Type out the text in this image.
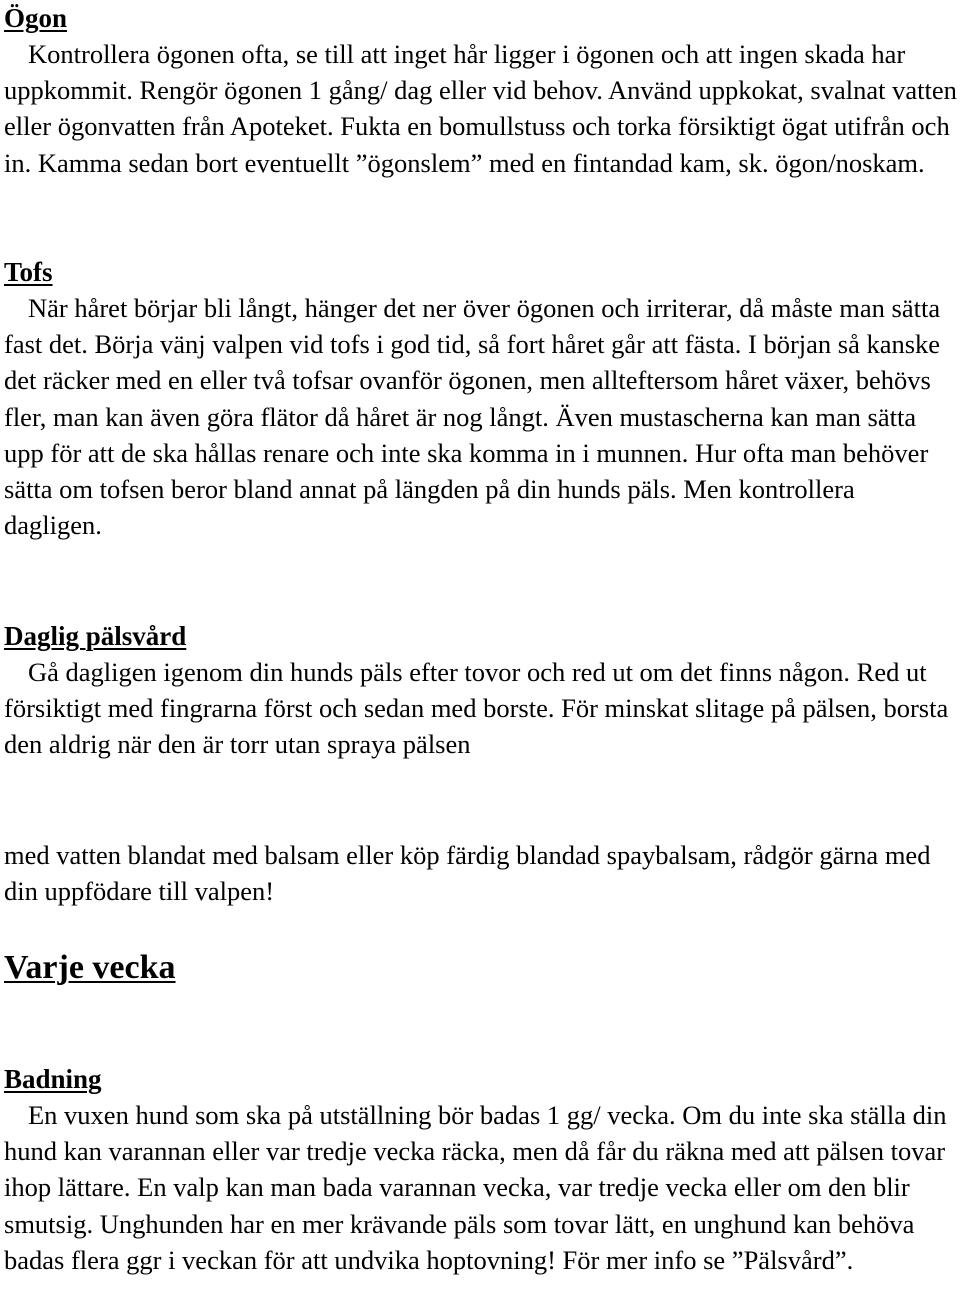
Ögon

Kontrollera ögonen ofta, se till att inget hår ligger i ögonen och att ingen skada har uppkommit. Rengör ögonen 1 gång/ dag eller vid behov. Använd uppkokat, svalnat vatten eller ögonvatten från Apoteket. Fukta en bomullstuss och torka försiktigt ögat utifrån och in. Kamma sedan bort eventuellt ”ögonslem” med en fintandad kam, sk. ögon/noskam.

Tofs

När håret börjar bli långt, hänger det ner över ögonen och irriterar, då måste man sätta fast det. Börja vänj valpen vid tofs i god tid, så fort håret går att fästa. I början så kanske det räcker med en eller två tofsar ovanför ögonen, men allteftersom håret växer, behövs fler, man kan även göra flätor då håret är nog långt. Även mustascherna kan man sätta upp för att de ska hållas renare och inte ska komma in i munnen. Hur ofta man behöver sätta om tofsen beror bland annat på längden på din hunds päls. Men kontrollera dagligen.

Daglig pälsvård

Gå dagligen igenom din hunds päls efter tovor och red ut om det finns någon. Red ut försiktigt med fingrarna först och sedan med borste. För minskat slitage på pälsen, borsta den aldrig när den är torr utan spraya pälsen

med vatten blandat med balsam eller köp färdig blandad spaybalsam, rådgör gärna med din uppfödare till valpen!

Varje vecka
Badning

En vuxen hund som ska på utställning bör badas 1 gg/ vecka. Om du inte ska ställa din hund kan varannan eller var tredje vecka räcka, men då får du räkna med att pälsen tovar ihop lättare. En valp kan man bada varannan vecka, var tredje vecka eller om den blir smutsig. Unghunden har en mer krävande päls som tovar lätt, en unghund kan behöva badas flera ggr i veckan för att undvika hoptovning! För mer info se ”Pälsvård”.
